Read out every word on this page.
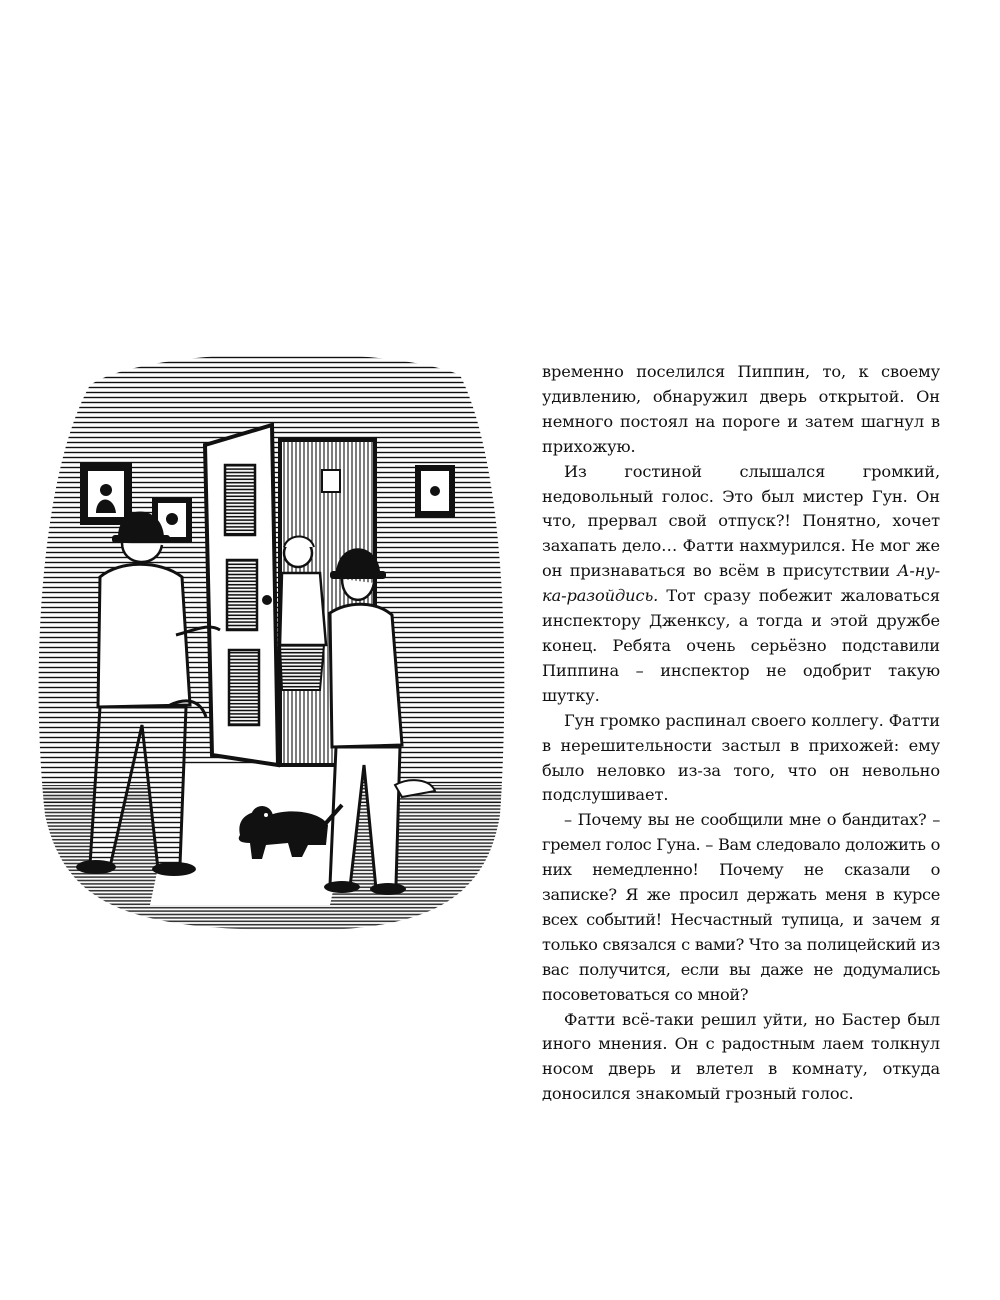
временно поселился Пиппин, то, к своему удивлению, обнаружил дверь открытой. Он немного постоял на пороге и затем шагнул в прихожую.

Из гостиной слышался громкий, недовольный голос. Это был мистер Гун. Он что, прервал свой отпуск?! Понятно, хочет захапать дело… Фатти нахмурился. Не мог же он признаваться во всём в присутствии А-ну-ка-разойдись. Тот сразу побежит жаловаться инспектору Дженксу, а тогда и этой дружбе конец. Ребята очень серьёзно подставили Пиппина – инспектор не одобрит такую шутку.

Гун громко распинал своего коллегу. Фатти в нерешительности застыл в прихожей: ему было неловко из-за того, что он невольно подслушивает.

– Почему вы не сообщили мне о бандитах? – гремел голос Гуна. – Вам следовало доложить о них немедленно! Почему не сказали о записке? Я же просил держать меня в курсе всех событий! Несчастный тупица, и зачем я только связался с вами? Что за полицейский из вас получится, если вы даже не додумались посоветоваться со мной?

Фатти всё-таки решил уйти, но Бастер был иного мнения. Он с радостным лаем толкнул носом дверь и влетел в комнату, откуда доносился знакомый грозный голос.
